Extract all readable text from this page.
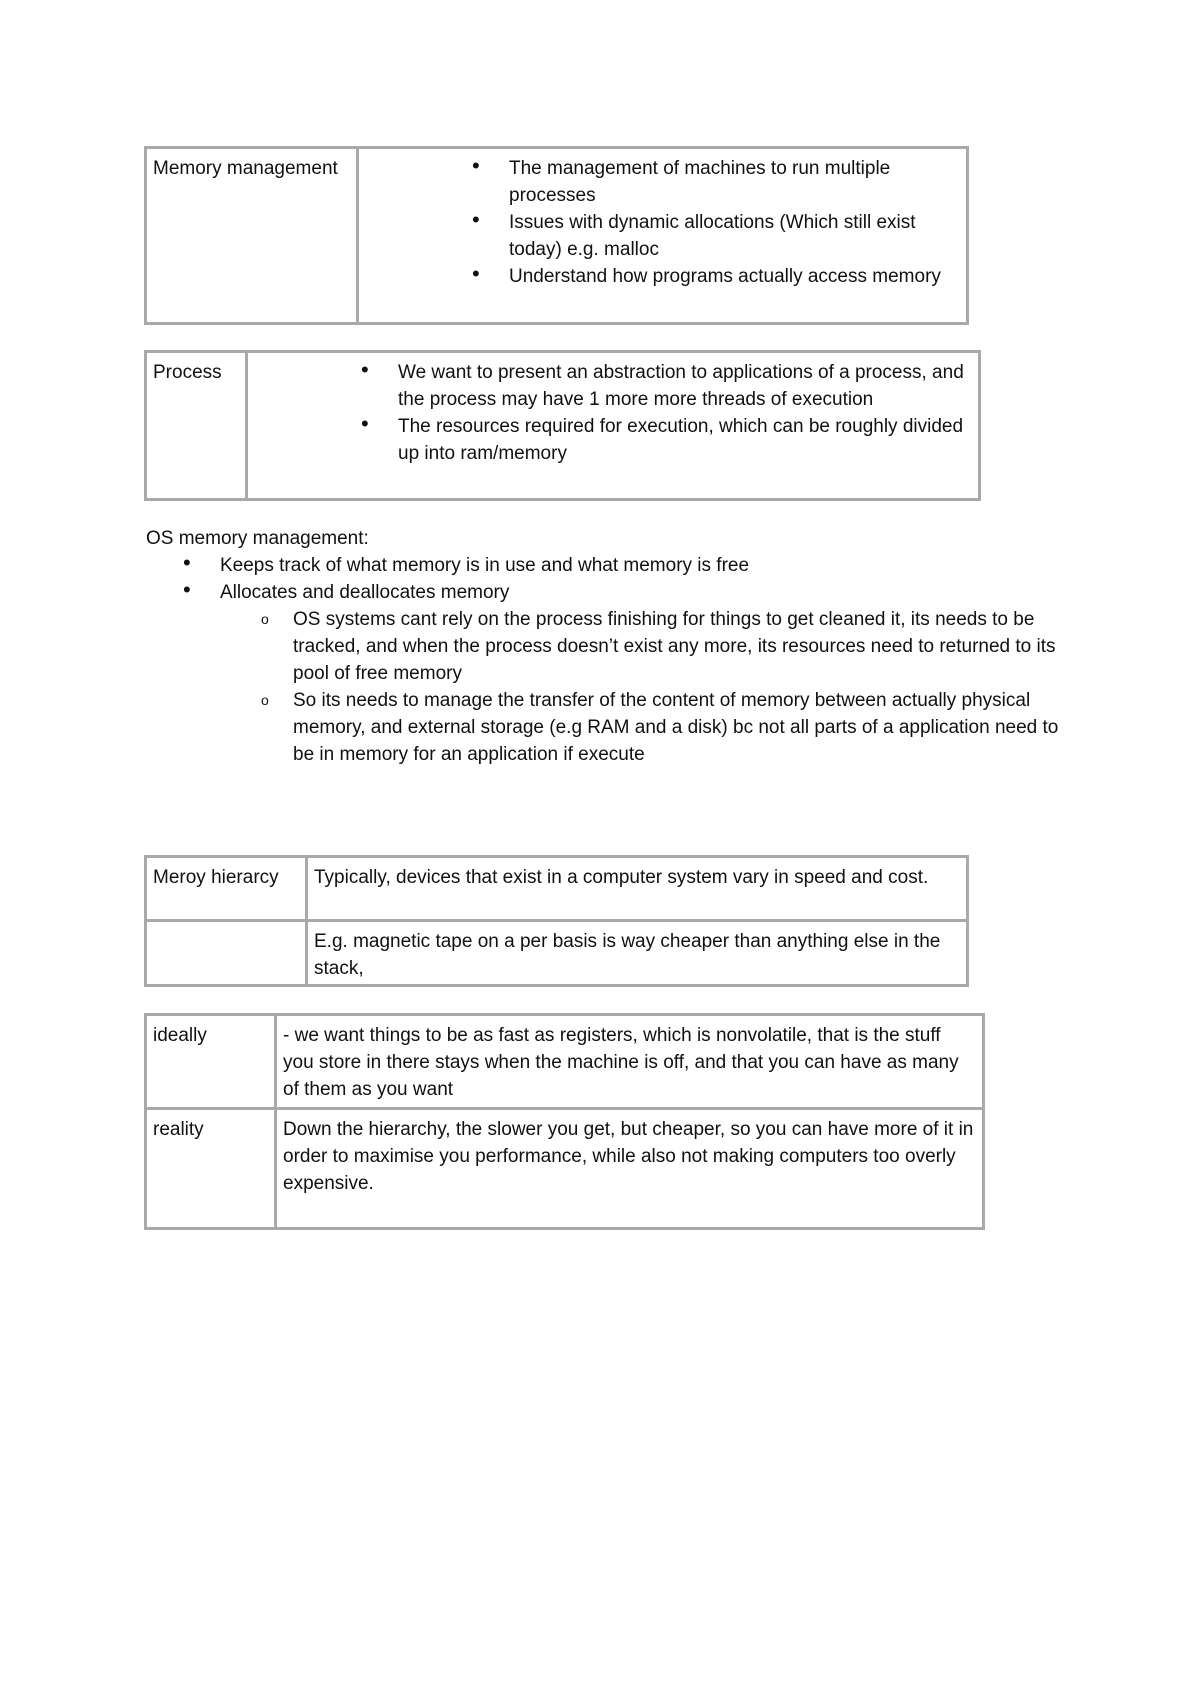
Memory management	• The management of machines to run multiple processes
• Issues with dynamic allocations (Which still exist today) e.g. malloc
• Understand how programs actually access memory
Process	• We want to present an abstraction to applications of a process, and the process may have 1 more more threads of execution
• The resources required for execution, which can be roughly divided up into ram/memory
OS memory management:
• Keeps track of what memory is in use and what memory is free
• Allocates and deallocates memory
o OS systems cant rely on the process finishing for things to get cleaned it, its needs to be tracked, and when the process doesn’t exist any more, its resources need to returned to its pool of free memory
o So its needs to manage the transfer of the content of memory between actually physical memory, and external storage (e.g RAM and a disk) bc not all parts of a application need to be in memory for an application if execute
Meroy hierarcy	Typically, devices that exist in a computer system vary in speed and cost.
	E.g. magnetic tape on a per basis is way cheaper than anything else in the stack,
ideally	- we want things to be as fast as registers, which is nonvolatile, that is the stuff you store in there stays when the machine is off, and that you can have as many of them as you want
reality	Down the hierarchy, the slower you get, but cheaper, so you can have more of it in order to maximise you performance, while also not making computers too overly expensive.
